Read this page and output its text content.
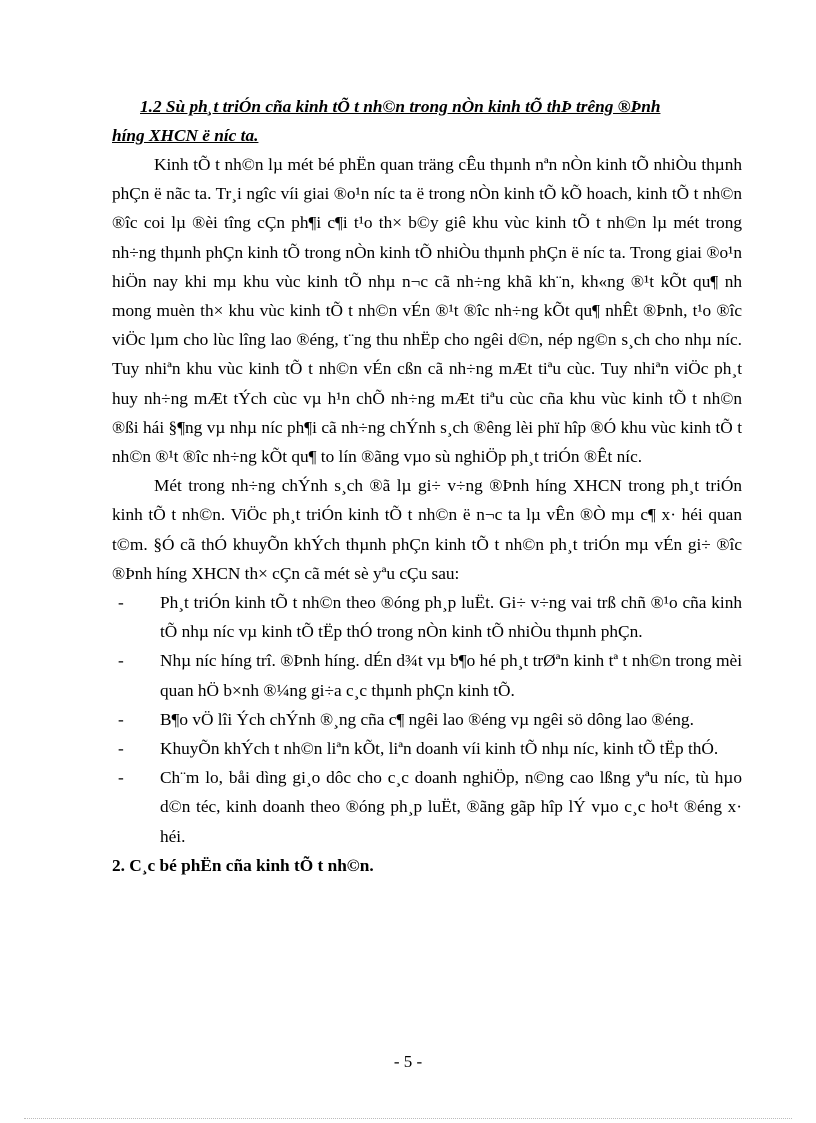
1.2 Sù ph¸t triÓn cña kinh tÕ t nh©n trong nÒn kinh tÕ thÞ trêng ®Þnh
híng XHCN ë níc ta.

Kinh tÕ t nh©n lµ mét bé phËn quan träng cÊu thµnh nªn nÒn kinh tÕ nhiÒu thµnh phÇn ë nãc ta. Tr¸i ngîc víi giai ®o¹n níc ta ë trong nÒn kinh tÕ kÕ hoach, kinh tÕ t nh©n ®îc coi lµ ®èi tîng cÇn ph¶i c¶i t¹o th× b©y giê khu vùc kinh tÕ t nh©n lµ mét trong nh÷ng thµnh phÇn kinh tÕ trong nÒn kinh tÕ nhiÒu thµnh phÇn ë níc ta. Trong giai ®o¹n hiÖn nay khi mµ khu vùc kinh tÕ nhµ n¬c cã nh÷ng khã kh¨n, kh«ng ®¹t kÕt qu¶ nh mong muèn th× khu vùc kinh tÕ t nh©n vÉn ®¹t ®îc nh÷ng kÕt qu¶ nhÊt ®Þnh, t¹o ®îc viÖc lµm cho lùc lîng lao ®éng, t¨ng thu nhËp cho ngêi d©n, nép ng©n s¸ch cho nhµ níc. Tuy nhiªn khu vùc kinh tÕ t nh©n vÉn cßn cã nh÷ng mÆt tiªu cùc. Tuy nhiªn viÖc ph¸t huy nh÷ng mÆt tÝch cùc vµ h¹n chÕ nh÷ng mÆt tiªu cùc cña khu vùc kinh tÕ t nh©n ®ßi hái §¶ng vµ nhµ níc ph¶i cã nh÷ng chÝnh s¸ch ®êng lèi phï hîp ®Ó khu vùc kinh tÕ t nh©n ®¹t ®îc nh÷ng kÕt qu¶ to lín ®ãng vµo sù nghiÖp ph¸t triÓn ®Êt níc.

Mét trong nh÷ng chÝnh s¸ch ®ã lµ gi÷ v÷ng ®Þnh híng XHCN trong ph¸t triÓn kinh tÕ t nh©n. ViÖc ph¸t triÓn kinh tÕ t nh©n ë n¬c ta lµ vÊn ®Ò mµ c¶ x· héi quan t©m. §Ó cã thÓ khuyÕn khÝch thµnh phÇn kinh tÕ t nh©n ph¸t triÓn mµ vÉn gi÷ ®îc ®Þnh híng XHCN th× cÇn cã mét sè yªu cÇu sau:

- Ph¸t triÓn kinh tÕ t nh©n theo ®óng ph¸p luËt. Gi÷ v÷ng vai trß chñ ®¹o cña kinh tÕ nhµ níc vµ kinh tÕ tËp thÓ trong nÒn kinh tÕ nhiÒu thµnh phÇn.
- Nhµ níc híng trî. ®Þnh híng. dÉn d¾t vµ b¶o hé ph¸t trØªn kinh tª t nh©n trong mèi quan hÖ b×nh ®¼ng gi÷a c¸c thµnh phÇn kinh tÕ.
- B¶o vÖ lîi Ých chÝnh ®¸ng cña c¶ ngêi lao ®éng vµ ngêi sö dông lao ®éng.
- KhuyÕn khÝch t nh©n liªn kÕt, liªn doanh víi kinh tÕ nhµ níc, kinh tÕ tËp thÓ.
- Ch¨m lo, båi dìng gi¸o dôc cho c¸c doanh nghiÖp, n©ng cao lßng yªu níc, tù hµo d©n téc, kinh doanh theo ®óng ph¸p luËt, ®ãng gãp hîp lÝ vµo c¸c ho¹t ®éng x· héi.

2. C¸c bé phËn cña kinh tÕ t nh©n.

- 5 -
